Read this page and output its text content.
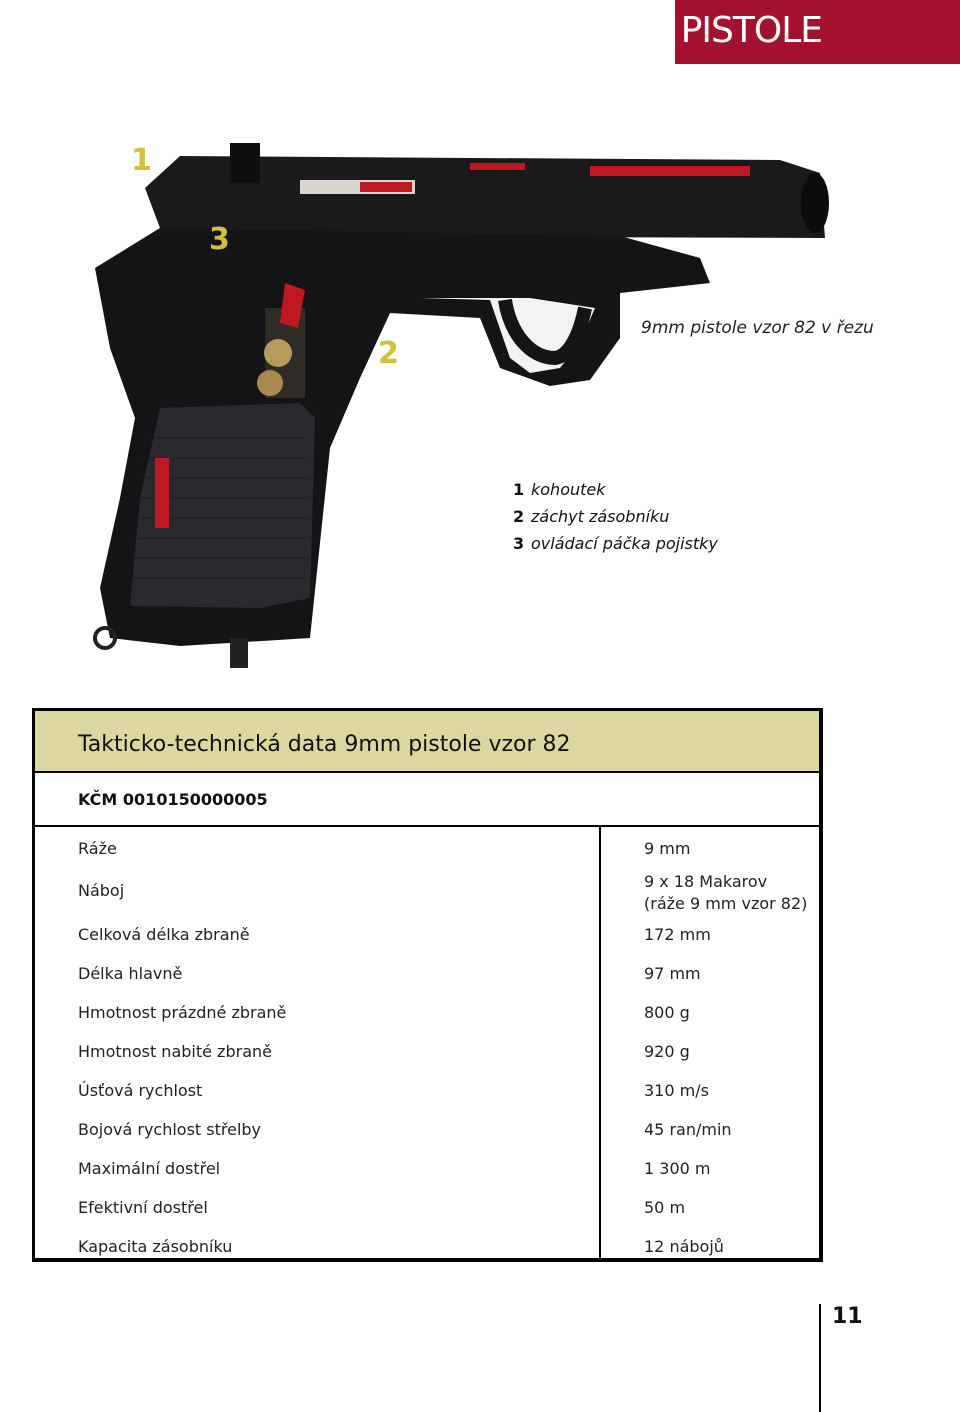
PISTOLE
1
3
2
9mm pistole vzor 82 v řezu
1 kohoutek
2 záchyt zásobníku
3 ovládací páčka pojistky
Takticko-technická data 9mm pistole vzor 82
KČM 0010150000005
Ráže
Náboj
Celková délka zbraně
Délka hlavně
Hmotnost prázdné zbraně
Hmotnost nabité zbraně
Úsťová rychlost
Bojová rychlost střelby
Maximální dostřel
Efektivní dostřel
Kapacita zásobníku
9 mm
9 x 18 Makarov
(ráže 9 mm vzor 82)
172 mm
97 mm
800 g
920 g
310 m/s
45 ran/min
1 300 m
50 m
12 nábojů
11
